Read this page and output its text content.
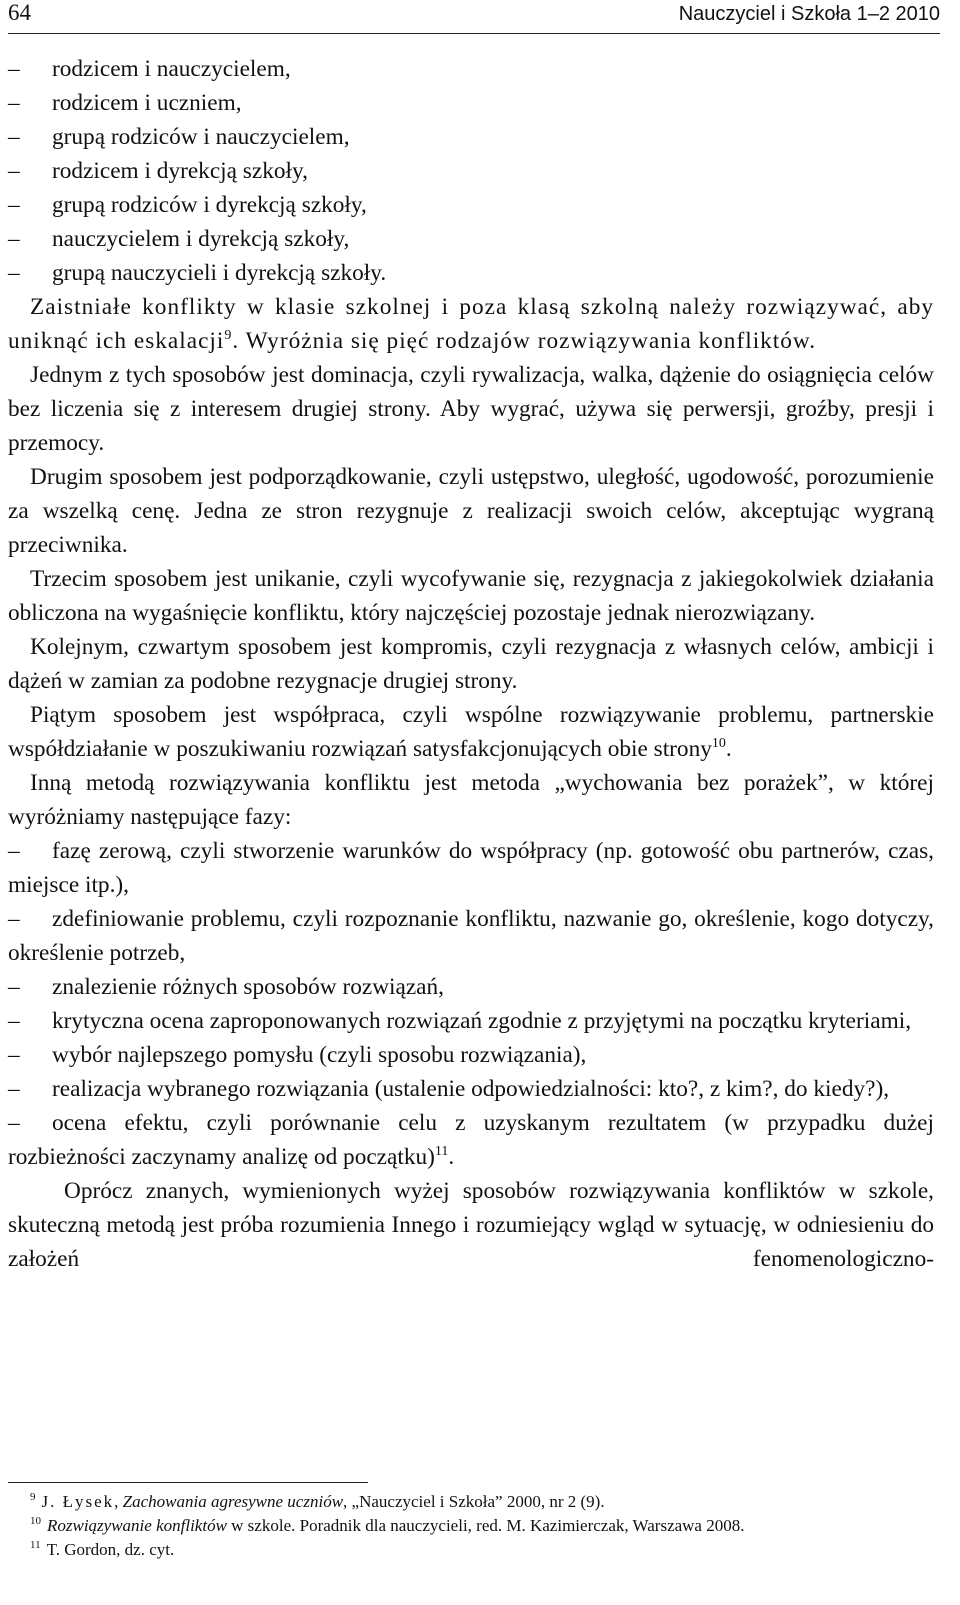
64	Nauczyciel i Szkoła 1–2 2010
– rodzicem i nauczycielem,
– rodzicem i uczniem,
– grupą rodziców i nauczycielem,
– rodzicem i dyrekcją szkoły,
– grupą rodziców i dyrekcją szkoły,
– nauczycielem i dyrekcją szkoły,
– grupą nauczycieli i dyrekcją szkoły.

Zaistniałe konflikty w klasie szkolnej i poza klasą szkolną należy rozwiązywać, aby uniknąć ich eskalacji$^9$. Wyróżnia się pięć rodzajów rozwiązywania konfliktów.

Jednym z tych sposobów jest dominacja, czyli rywalizacja, walka, dążenie do osiągnięcia celów bez liczenia się z interesem drugiej strony. Aby wygrać, używa się perwersji, groźby, presji i przemocy.

Drugim sposobem jest podporządkowanie, czyli ustępstwo, uległość, ugodowość, porozumienie za wszelką cenę. Jedna ze stron rezygnuje z realizacji swoich celów, akceptując wygraną przeciwnika.

Trzecim sposobem jest unikanie, czyli wycofywanie się, rezygnacja z jakiegokolwiek działania obliczona na wygaśnięcie konfliktu, który najczęściej pozostaje jednak nierozwiązany.

Kolejnym, czwartym sposobem jest kompromis, czyli rezygnacja z własnych celów, ambicji i dążeń w zamian za podobne rezygnacje drugiej strony.

Piątym sposobem jest współpraca, czyli wspólne rozwiązywanie problemu, partnerskie współdziałanie w poszukiwaniu rozwiązań satysfakcjonujących obie strony$^{10}$.

Inną metodą rozwiązywania konfliktu jest metoda „wychowania bez porażek”, w której wyróżniamy następujące fazy:

– fazę zerową, czyli stworzenie warunków do współpracy (np. gotowość obu partnerów, czas, miejsce itp.),
– zdefiniowanie problemu, czyli rozpoznanie konfliktu, nazwanie go, określenie, kogo dotyczy, określenie potrzeb,
– znalezienie różnych sposobów rozwiązań,
– krytyczna ocena zaproponowanych rozwiązań zgodnie z przyjętymi na początku kryteriami,
– wybór najlepszego pomysłu (czyli sposobu rozwiązania),
– realizacja wybranego rozwiązania (ustalenie odpowiedzialności: kto?, z kim?, do kiedy?),
– ocena efektu, czyli porównanie celu z uzyskanym rezultatem (w przypadku dużej rozbieżności zaczynamy analizę od początku)$^{11}$.

Oprócz znanych, wymienionych wyżej sposobów rozwiązywania konfliktów w szkole, skuteczną metodą jest próba rozumienia Innego i rozumiejący wgląd w sytuację, w odniesieniu do założeń fenomenologiczno-

$^9$ J. Łysek, Zachowania agresywne uczniów, „Nauczyciel i Szkoła” 2000, nr 2 (9).
$^{10}$ Rozwiązywanie konfliktów w szkole. Poradnik dla nauczycieli, red. M. Kazimierczak, Warszawa 2008.
$^{11}$ T. Gordon, dz. cyt.
